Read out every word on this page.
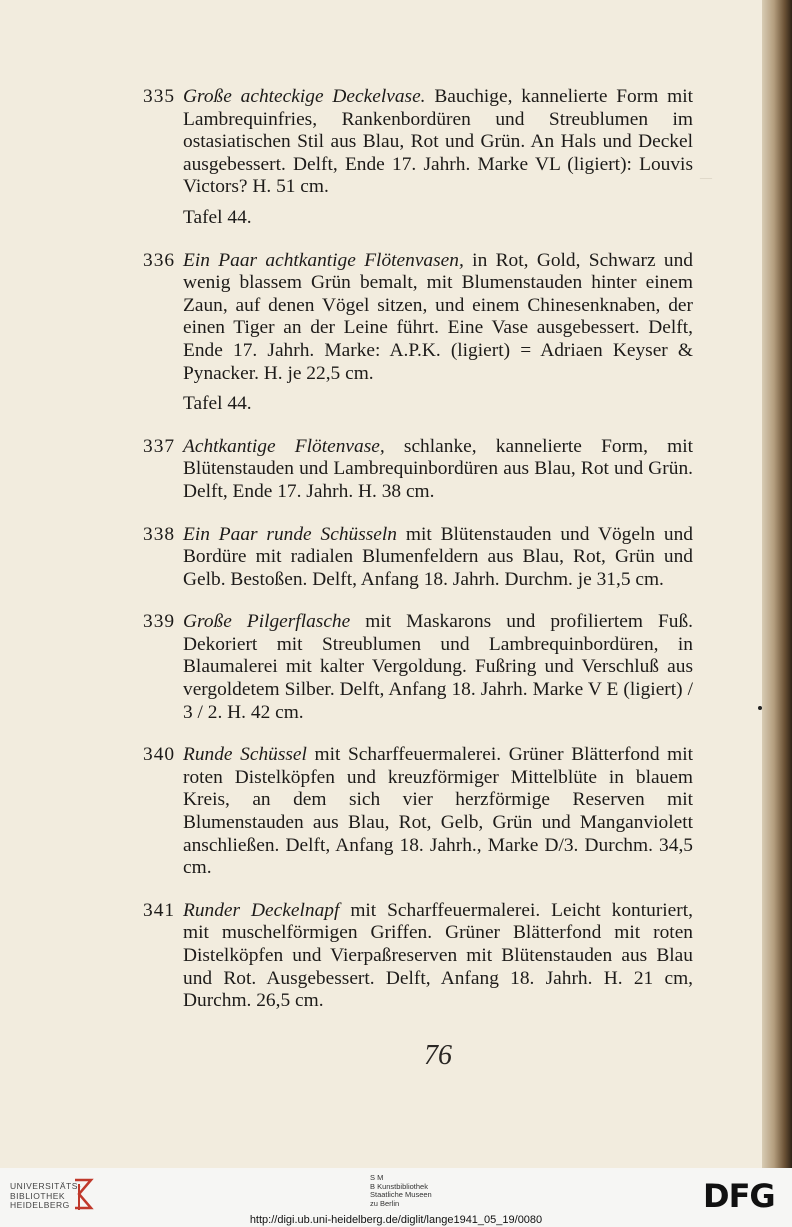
—
335 Große achteckige Deckelvase. Bauchige, kannelierte Form mit Lambrequinfries, Rankenbordüren und Streublumen im ostasiatischen Stil aus Blau, Rot und Grün. An Hals und Deckel ausgebessert. Delft, Ende 17. Jahrh. Marke VL (ligiert): Louvis Victors? H. 51 cm.
Tafel 44.
336 Ein Paar achtkantige Flötenvasen, in Rot, Gold, Schwarz und wenig blassem Grün bemalt, mit Blumenstauden hinter einem Zaun, auf denen Vögel sitzen, und einem Chinesenknaben, der einen Tiger an der Leine führt. Eine Vase ausgebessert. Delft, Ende 17. Jahrh. Marke: A.P.K. (ligiert) = Adriaen Keyser & Pynacker. H. je 22,5 cm.
Tafel 44.
337 Achtkantige Flötenvase, schlanke, kannelierte Form, mit Blütenstauden und Lambrequinbordüren aus Blau, Rot und Grün. Delft, Ende 17. Jahrh. H. 38 cm.
338 Ein Paar runde Schüsseln mit Blütenstauden und Vögeln und Bordüre mit radialen Blumenfeldern aus Blau, Rot, Grün und Gelb. Bestoßen. Delft, Anfang 18. Jahrh. Durchm. je 31,5 cm.
339 Große Pilgerflasche mit Maskarons und profiliertem Fuß. Dekoriert mit Streublumen und Lambrequinbordüren, in Blaumalerei mit kalter Vergoldung. Fußring und Verschluß aus vergoldetem Silber. Delft, Anfang 18. Jahrh. Marke V E (ligiert) / 3 / 2. H. 42 cm.
340 Runde Schüssel mit Scharffeuermalerei. Grüner Blätterfond mit roten Distelköpfen und kreuzförmiger Mittelblüte in blauem Kreis, an dem sich vier herzförmige Reserven mit Blumenstauden aus Blau, Rot, Gelb, Grün und Manganviolett anschließen. Delft, Anfang 18. Jahrh., Marke D/3. Durchm. 34,5 cm.
341 Runder Deckelnapf mit Scharffeuermalerei. Leicht konturiert, mit muschelförmigen Griffen. Grüner Blätterfond mit roten Distelköpfen und Vierpaßreserven mit Blütenstauden aus Blau und Rot. Ausgebessert. Delft, Anfang 18. Jahrh. H. 21 cm, Durchm. 26,5 cm.
76
UNIVERSITÄTS-
BIBLIOTHEK
HEIDELBERG
S M
B Kunstbibliothek
Staatliche Museen
zu Berlin	DFG
http://digi.ub.uni-heidelberg.de/diglit/lange1941_05_19/0080
